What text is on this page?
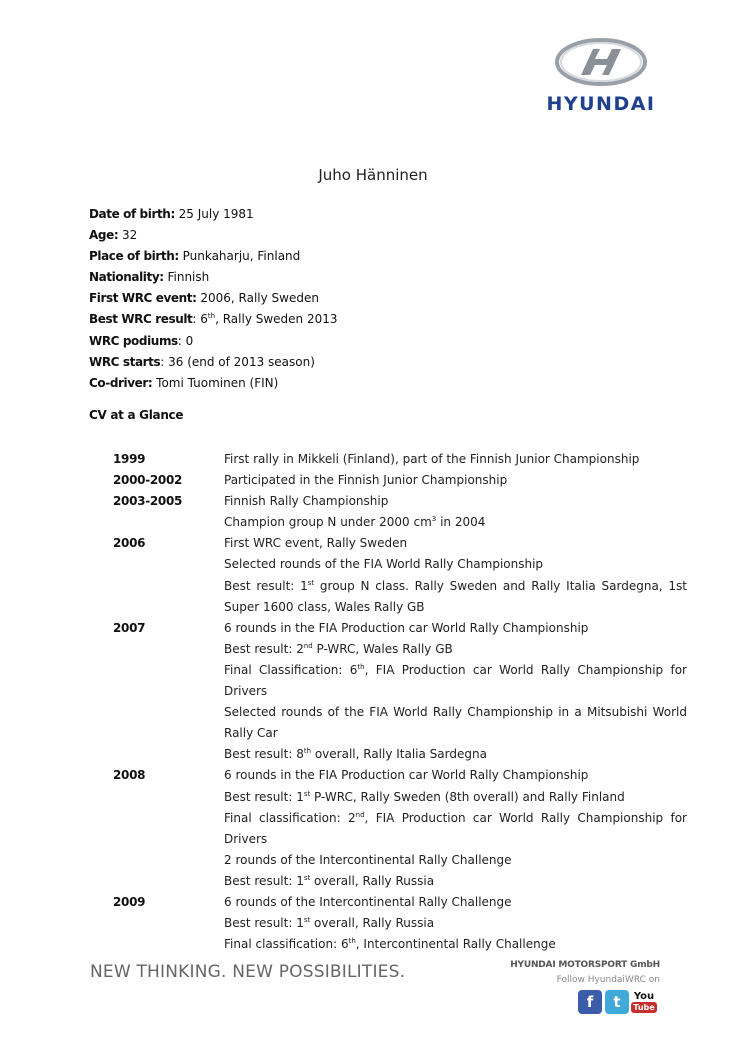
HYUNDAI
Juho Hänninen
Date of birth: 25 July 1981
Age: 32
Place of birth: Punkaharju, Finland
Nationality: Finnish
First WRC event: 2006, Rally Sweden
Best WRC result: 6th, Rally Sweden 2013
WRC podiums: 0
WRC starts: 36 (end of 2013 season)
Co-driver: Tomi Tuominen (FIN)
CV at a Glance
1999	First rally in Mikkeli (Finland), part of the Finnish Junior Championship
2000-2002	Participated in the Finnish Junior Championship
2003-2005	Finnish Rally Championship
Champion group N under 2000 $cm^3$ in 2004
2006	First WRC event, Rally Sweden
Selected rounds of the FIA World Rally Championship
Best result: 1st group N class. Rally Sweden and Rally Italia Sardegna, 1st Super 1600 class, Wales Rally GB
2007	6 rounds in the FIA Production car World Rally Championship
Best result: 2nd P-WRC, Wales Rally GB
Final Classification: 6th, FIA Production car World Rally Championship for Drivers
Selected rounds of the FIA World Rally Championship in a Mitsubishi World Rally Car
Best result: 8th overall, Rally Italia Sardegna
2008	6 rounds in the FIA Production car World Rally Championship
Best result: 1st P-WRC, Rally Sweden (8th overall) and Rally Finland
Final classification: 2nd, FIA Production car World Rally Championship for Drivers
2 rounds of the Intercontinental Rally Challenge
Best result: 1st overall, Rally Russia
2009	6 rounds of the Intercontinental Rally Challenge
Best result: 1st overall, Rally Russia
Final classification: 6th, Intercontinental Rally Challenge
NEW THINKING. NEW POSSIBILITIES.	HYUNDAI MOTORSPORT GmbH
Follow HyundaiWRC on
f t You
Tube
